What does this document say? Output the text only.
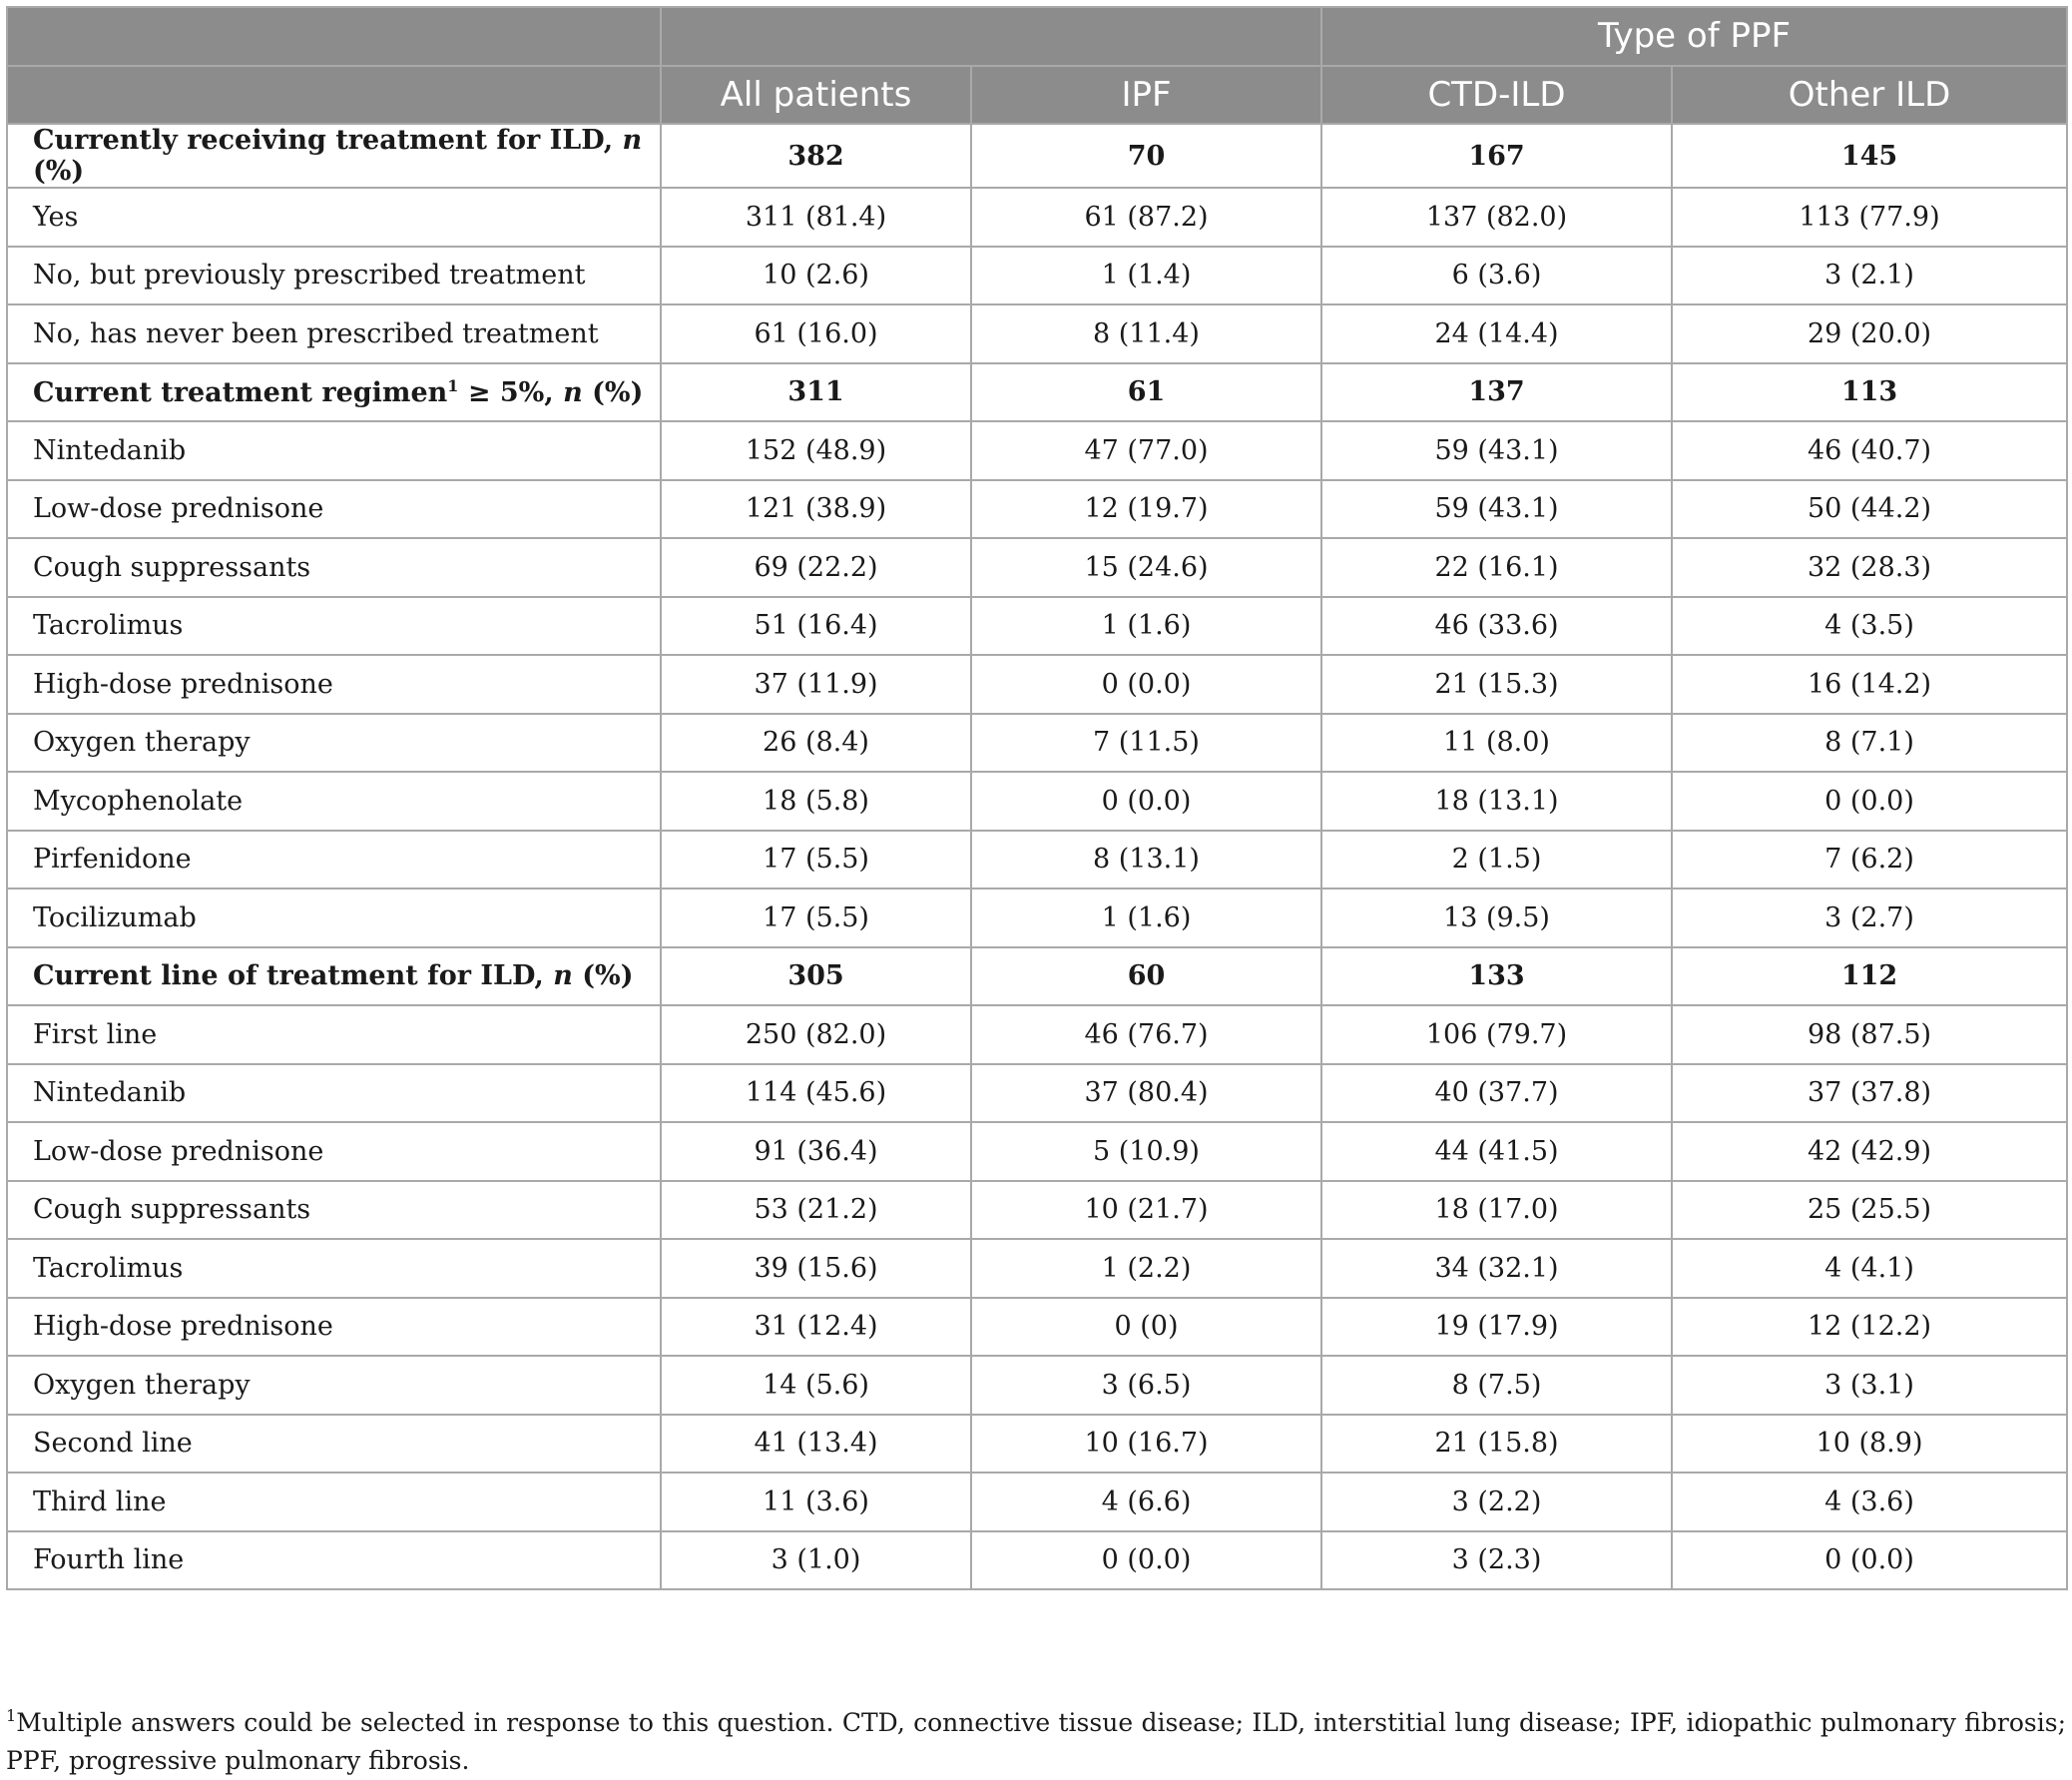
			Type of PPF	
	All patients	IPF	CTD-ILD	Other ILD
Currently receiving treatment for ILD, n (%)	382	70	167	145
Yes	311 (81.4)	61 (87.2)	137 (82.0)	113 (77.9)
No, but previously prescribed treatment	10 (2.6)	1 (1.4)	6 (3.6)	3 (2.1)
No, has never been prescribed treatment	61 (16.0)	8 (11.4)	24 (14.4)	29 (20.0)
Current treatment regimen$^1$ ≥ 5%, n (%)	311	61	137	113
Nintedanib	152 (48.9)	47 (77.0)	59 (43.1)	46 (40.7)
Low-dose prednisone	121 (38.9)	12 (19.7)	59 (43.1)	50 (44.2)
Cough suppressants	69 (22.2)	15 (24.6)	22 (16.1)	32 (28.3)
Tacrolimus	51 (16.4)	1 (1.6)	46 (33.6)	4 (3.5)
High-dose prednisone	37 (11.9)	0 (0.0)	21 (15.3)	16 (14.2)
Oxygen therapy	26 (8.4)	7 (11.5)	11 (8.0)	8 (7.1)
Mycophenolate	18 (5.8)	0 (0.0)	18 (13.1)	0 (0.0)
Pirfenidone	17 (5.5)	8 (13.1)	2 (1.5)	7 (6.2)
Tocilizumab	17 (5.5)	1 (1.6)	13 (9.5)	3 (2.7)
Current line of treatment for ILD, n (%)	305	60	133	112
First line	250 (82.0)	46 (76.7)	106 (79.7)	98 (87.5)
Nintedanib	114 (45.6)	37 (80.4)	40 (37.7)	37 (37.8)
Low-dose prednisone	91 (36.4)	5 (10.9)	44 (41.5)	42 (42.9)
Cough suppressants	53 (21.2)	10 (21.7)	18 (17.0)	25 (25.5)
Tacrolimus	39 (15.6)	1 (2.2)	34 (32.1)	4 (4.1)
High-dose prednisone	31 (12.4)	0 (0)	19 (17.9)	12 (12.2)
Oxygen therapy	14 (5.6)	3 (6.5)	8 (7.5)	3 (3.1)
Second line	41 (13.4)	10 (16.7)	21 (15.8)	10 (8.9)
Third line	11 (3.6)	4 (6.6)	3 (2.2)	4 (3.6)
Fourth line	3 (1.0)	0 (0.0)	3 (2.3)	0 (0.0)
$^1$Multiple answers could be selected in response to this question. CTD, connective tissue disease; ILD, interstitial lung disease; IPF, idiopathic pulmonary fibrosis; PPF, progressive pulmonary fibrosis.
